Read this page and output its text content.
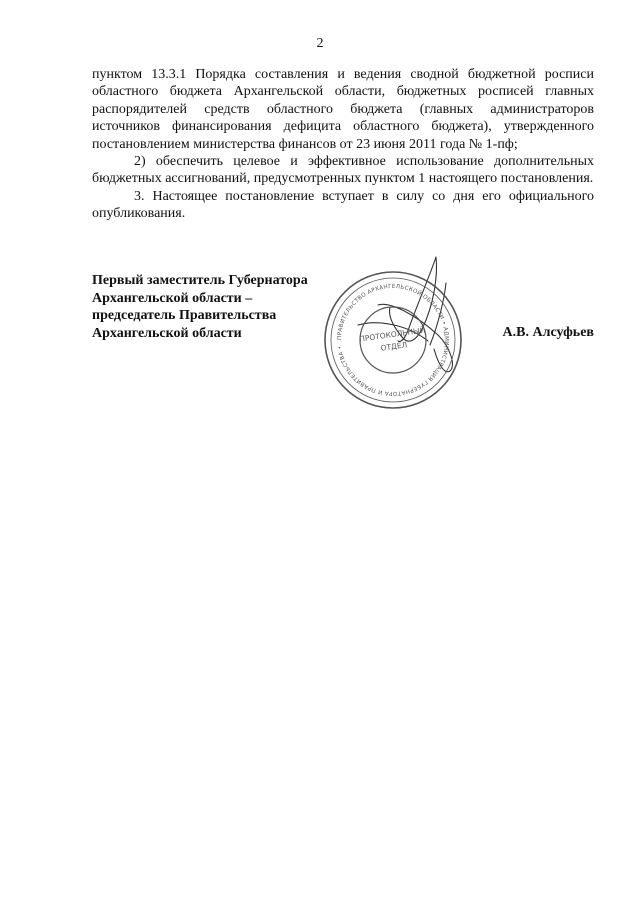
2

пунктом 13.3.1 Порядка составления и ведения сводной бюджетной росписи областного бюджета Архангельской области, бюджетных росписей главных распорядителей средств областного бюджета (главных администраторов источников финансирования дефицита областного бюджета), утвержденного постановлением министерства финансов от 23 июня 2011 года № 1-пф;

2) обеспечить целевое и эффективное использование дополнительных бюджетных ассигнований, предусмотренных пунктом 1 настоящего постановления.

3. Настоящее постановление вступает в силу со дня его официального опубликования.

Первый заместитель Губернатора
Архангельской области –
председатель Правительства
Архангельской области	А.В. Алсуфьев
ПРАВИТЕЛЬСТВО АРХАНГЕЛЬСКОЙ ОБЛАСТИ • АДМИНИСТРАЦИЯ ГУБЕРНАТОРА И ПРАВИТЕЛЬСТВА •
ПРОТОКОЛЬНЫЙ
ОТДЕЛ
